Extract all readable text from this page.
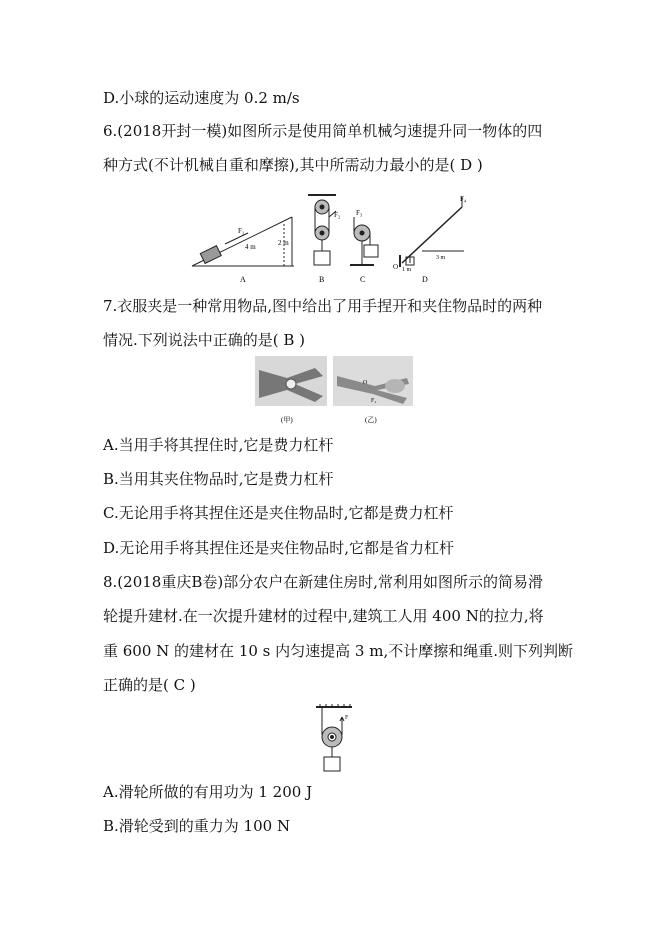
D.小球的运动速度为 0.2 m/s
6.(2018开封一模)如图所示是使用简单机械匀速提升同一物体的四
种方式(不计机械自重和摩擦),其中所需动力最小的是( D )
F₁
4 m	2 m
A
F₂
B
F₃
C
F₄
O 1 m
3 m
D
7.衣服夹是一种常用物品,图中给出了用手捏开和夹住物品时的两种
情况.下列说法中正确的是( B )
O
F₁
(甲)	(乙)
A.当用手将其捏住时,它是费力杠杆
B.当用其夹住物品时,它是费力杠杆
C.无论用手将其捏住还是夹住物品时,它都是费力杠杆
D.无论用手将其捏住还是夹住物品时,它都是省力杠杆
8.(2018重庆B卷)部分农户在新建住房时,常利用如图所示的简易滑
轮提升建材.在一次提升建材的过程中,建筑工人用 400 N的拉力,将
重 600 N 的建材在 10 s 内匀速提高 3 m,不计摩擦和绳重.则下列判断
正确的是( C )
F
A.滑轮所做的有用功为 1 200 J
B.滑轮受到的重力为 100 N
